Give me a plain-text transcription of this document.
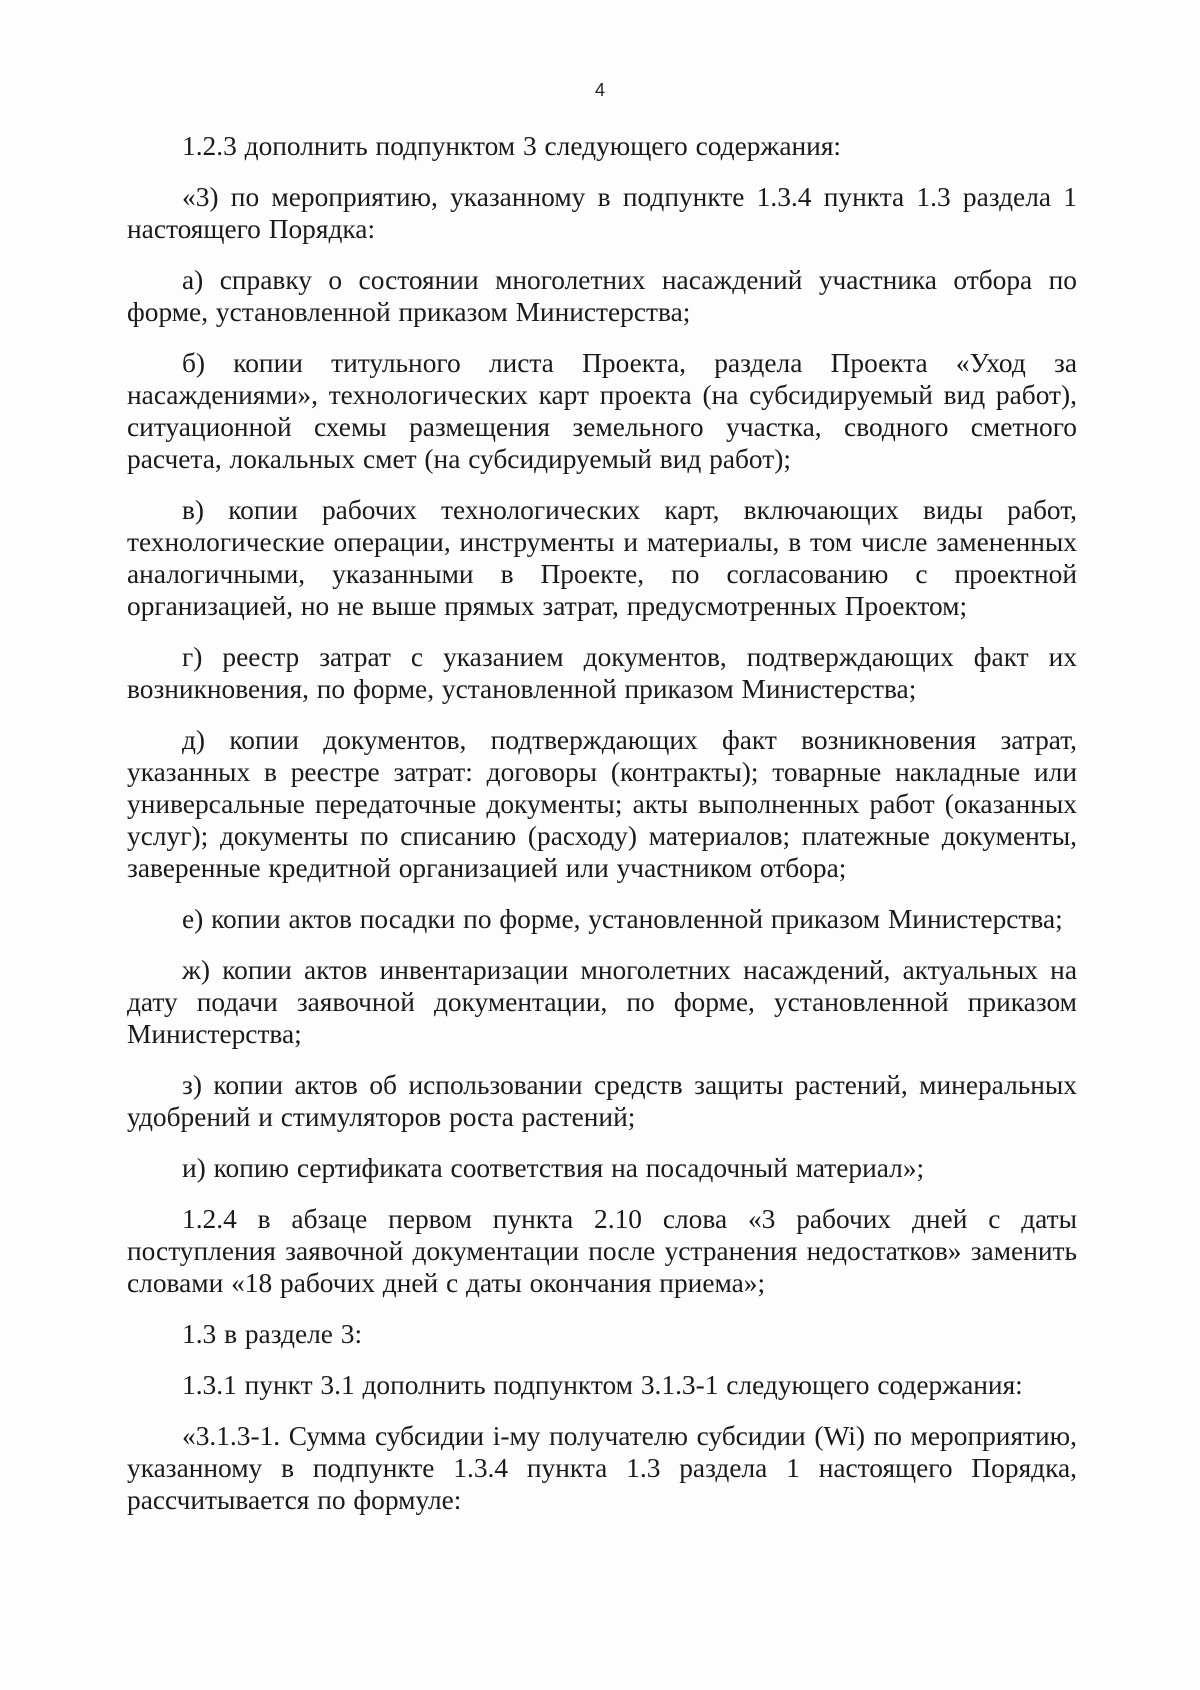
4

1.2.3 дополнить подпунктом 3 следующего содержания:

«3) по мероприятию, указанному в подпункте 1.3.4 пункта 1.3 раздела 1 настоящего Порядка:

а) справку о состоянии многолетних насаждений участника отбора по форме, установленной приказом Министерства;

б) копии титульного листа Проекта, раздела Проекта «Уход за насаждениями», технологических карт проекта (на субсидируемый вид работ), ситуационной схемы размещения земельного участка, сводного сметного расчета, локальных смет (на субсидируемый вид работ);

в) копии рабочих технологических карт, включающих виды работ, технологические операции, инструменты и материалы, в том числе замененных аналогичными, указанными в Проекте, по согласованию с проектной организацией, но не выше прямых затрат, предусмотренных Проектом;

г) реестр затрат с указанием документов, подтверждающих факт их возникновения, по форме, установленной приказом Министерства;

д) копии документов, подтверждающих факт возникновения затрат, указанных в реестре затрат: договоры (контракты); товарные накладные или универсальные передаточные документы; акты выполненных работ (оказанных услуг); документы по списанию (расходу) материалов; платежные документы, заверенные кредитной организацией или участником отбора;

е) копии актов посадки по форме, установленной приказом Министерства;

ж) копии актов инвентаризации многолетних насаждений, актуальных на дату подачи заявочной документации, по форме, установленной приказом Министерства;

з) копии актов об использовании средств защиты растений, минеральных удобрений и стимуляторов роста растений;

и) копию сертификата соответствия на посадочный материал»;

1.2.4 в абзаце первом пункта 2.10 слова «3 рабочих дней с даты поступления заявочной документации после устранения недостатков» заменить словами «18 рабочих дней с даты окончания приема»;

1.3 в разделе 3:

1.3.1 пункт 3.1 дополнить подпунктом 3.1.3-1 следующего содержания:

«3.1.3-1. Сумма субсидии i-му получателю субсидии (Wi) по мероприятию, указанному в подпункте 1.3.4 пункта 1.3 раздела 1 настоящего Порядка, рассчитывается по формуле:
